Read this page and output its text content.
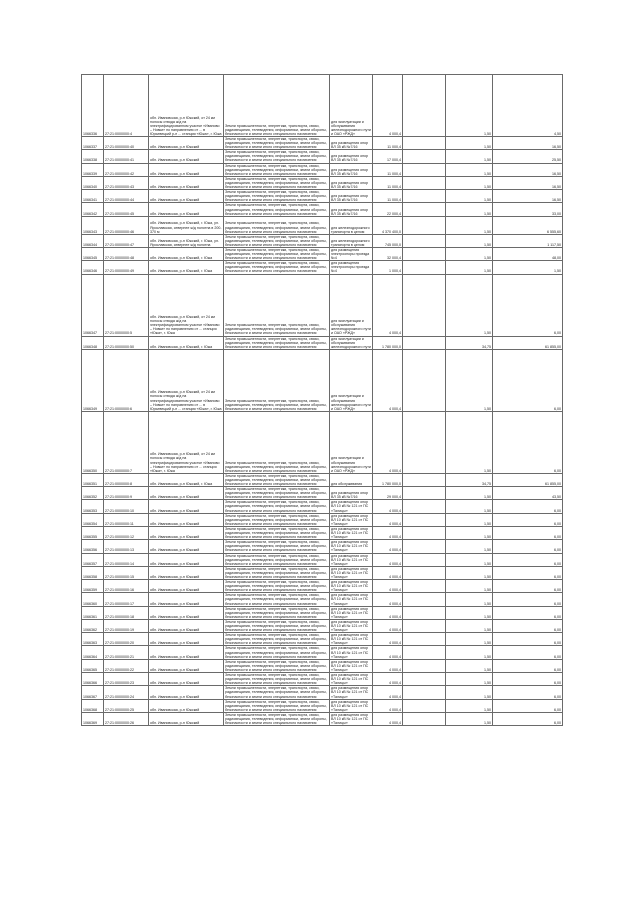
1066336	27:21:0000000:4	обл. Ивановская, р-н Южский, от 24 км полосы отвода ж/д на электрифицированном участке «Иваново – Новки» по направлению от ... в Юрьевецкий р-н ... станция «Южа», г. Южа	Земли промышленности, энергетики, транспорта, связи, радиовещания, телевидения, информатики, земли обороны, безопасности и земли иного специального назначения	для эксплуатации и обслуживания железнодорожного пути и ОАО «РЖД»	4 000,4		1,50	4,50
1066337	27:21:0000000:40	обл. Ивановская, р-н Южский	Земли промышленности, энергетики, транспорта, связи, радиовещания, телевидения, информатики, земли обороны, безопасности и земли иного специального назначения	для размещения опор ВЛ 35 кВ №7/16	11 000,4		1,50	16,50
1066338	27:21:0000000:41	обл. Ивановская, р-н Южский	Земли промышленности, энергетики, транспорта, связи, радиовещания, телевидения, информатики, земли обороны, безопасности и земли иного специального назначения	для размещения опор ВЛ 35 кВ №7/16	17 000,4		1,50	25,50
1066339	27:21:0000000:42	обл. Ивановская, р-н Южский	Земли промышленности, энергетики, транспорта, связи, радиовещания, телевидения, информатики, земли обороны, безопасности и земли иного специального назначения	для размещения опор ВЛ 35 кВ №7/16	11 000,4		1,50	16,50
1066340	27:21:0000000:43	обл. Ивановская, р-н Южский	Земли промышленности, энергетики, транспорта, связи, радиовещания, телевидения, информатики, земли обороны, безопасности и земли иного специального назначения	для размещения опор ВЛ 35 кВ №7/16	11 000,4		1,50	16,50
1066341	27:21:0000000:44	обл. Ивановская, р-н Южский	Земли промышленности, энергетики, транспорта, связи, радиовещания, телевидения, информатики, земли обороны, безопасности и земли иного специального назначения	для размещения опор ВЛ 35 кВ №7/16	11 000,4		1,50	16,50
1066342	27:21:0000000:45	обл. Ивановская, р-н Южский	Земли промышленности, энергетики, транспорта, связи, радиовещания, телевидения, информатики, земли обороны, безопасности и земли иного специального назначения	для размещения опор ВЛ 35 кВ №7/16	22 000,4		1,50	33,00
1066343	27:21:0000000:46	обл. Ивановская, р-н Южский, г. Южа, ул. Ярославская, севернее ж/д полотна в 200-370 м	Земли промышленности, энергетики, транспорта, связи, радиовещания, телевидения, информатики, земли обороны, безопасности и земли иного специального назначения	для железнодорожного транспорта в целом	4 370 400,0		1,50	6 555,60
1066344	27:21:0000000:47	обл. Ивановская, р-н Южский, г. Южа, ул. Ярославская, севернее ж/д полотна	Земли промышленности, энергетики, транспорта, связи, радиовещания, телевидения, информатики, земли обороны, безопасности и земли иного специального назначения	для железнодорожного транспорта в целом	745 000,0		1,50	1 117,50
1066345	27:21:0000000:48	обл. Ивановская, р-н Южский, г. Южа	Земли промышленности, энергетики, транспорта, связи, радиовещания, телевидения, информатики, земли обороны, безопасности и земли иного специального назначения	для размещения электроопоры проезда №4	32 000,4		1,50	48,00
1066346	27:21:0000000:49	обл. Ивановская, р-н Южский, г. Южа	Земли промышленности, энергетики, транспорта, связи, радиовещания, телевидения, информатики, земли обороны, безопасности и земли иного специального назначения	для размещения электроопоры проезда №4	1 000,4		1,50	1,50
1066347	27:21:0000000:5	обл. Ивановская, р-н Южский, от 24 км полосы отвода ж/д на электрифицированном участке «Иваново – Новки» по направлению от ... станция «Южа», г. Южа	Земли промышленности, энергетики, транспорта, связи, радиовещания, телевидения, информатики, земли обороны, безопасности и земли иного специального назначения	для эксплуатации и обслуживания железнодорожного пути и ОАО «РЖД»	4 000,4		1,50	6,00
1066348	27:21:0000000:50	обл. Ивановская, р-н Южский, г. Южа	Земли промышленности, энергетики, транспорта, связи, радиовещания, телевидения, информатики, земли обороны, безопасности и земли иного специального назначения	для эксплуатации и обслуживания железнодорожного пути	1 780 000,0		34,75	61 855,00
1066349	27:21:0000000:6	обл. Ивановская, р-н Южский, от 24 км полосы отвода ж/д на электрифицированном участке «Иваново – Новки» по направлению от ... в Юрьевецкий р-н ... станция «Южа», г. Южа	Земли промышленности, энергетики, транспорта, связи, радиовещания, телевидения, информатики, земли обороны, безопасности и земли иного специального назначения	для эксплуатации и обслуживания железнодорожного пути и ОАО «РЖД»	4 000,4		1,50	6,00
1066350	27:21:0000000:7	обл. Ивановская, р-н Южский, от 24 км полосы отвода ж/д на электрифицированном участке «Иваново – Новки» по направлению от ... станция «Южа», г. Южа	Земли промышленности, энергетики, транспорта, связи, радиовещания, телевидения, информатики, земли обороны, безопасности и земли иного специального назначения	для эксплуатации и обслуживания железнодорожного пути и ОАО «РЖД»	4 000,4		1,50	6,00
1066351	27:21:0000000:8	обл. Ивановская, р-н Южский, г. Южа	Земли промышленности, энергетики, транспорта, связи, радиовещания, телевидения, информатики, земли обороны, безопасности и земли иного специального назначения	для обслуживания	1 780 000,0		34,75	61 855,00
1066352	27:21:0000000:9	обл. Ивановская, р-н Южский	Земли промышленности, энергетики, транспорта, связи, радиовещания, телевидения, информатики, земли обороны, безопасности и земли иного специального назначения	для размещения опор ВЛ 35 кВ №7/16	29 000,4		1,50	43,50
1066353	27:21:0000000:10	обл. Ивановская, р-н Южский	Земли промышленности, энергетики, транспорта, связи, радиовещания, телевидения, информатики, земли обороны, безопасности и земли иного специального назначения	для размещения опор ВЛ 10 кВ № 121 от ПС «Талицы»	4 000,4		1,50	6,00
1066354	27:21:0000000:11	обл. Ивановская, р-н Южский	Земли промышленности, энергетики, транспорта, связи, радиовещания, телевидения, информатики, земли обороны, безопасности и земли иного специального назначения	для размещения опор ВЛ 10 кВ № 121 от ПС «Талицы»	4 000,4		1,50	6,00
1066355	27:21:0000000:12	обл. Ивановская, р-н Южский	Земли промышленности, энергетики, транспорта, связи, радиовещания, телевидения, информатики, земли обороны, безопасности и земли иного специального назначения	для размещения опор ВЛ 10 кВ № 121 от ПС «Талицы»	4 000,4		1,50	6,00
1066356	27:21:0000000:13	обл. Ивановская, р-н Южский	Земли промышленности, энергетики, транспорта, связи, радиовещания, телевидения, информатики, земли обороны, безопасности и земли иного специального назначения	для размещения опор ВЛ 10 кВ № 121 от ПС «Талицы»	4 000,4		1,50	6,00
1066357	27:21:0000000:14	обл. Ивановская, р-н Южский	Земли промышленности, энергетики, транспорта, связи, радиовещания, телевидения, информатики, земли обороны, безопасности и земли иного специального назначения	для размещения опор ВЛ 10 кВ № 121 от ПС «Талицы»	4 000,4		1,50	6,00
1066358	27:21:0000000:15	обл. Ивановская, р-н Южский	Земли промышленности, энергетики, транспорта, связи, радиовещания, телевидения, информатики, земли обороны, безопасности и земли иного специального назначения	для размещения опор ВЛ 10 кВ № 121 от ПС «Талицы»	4 000,4		1,50	6,00
1066359	27:21:0000000:16	обл. Ивановская, р-н Южский	Земли промышленности, энергетики, транспорта, связи, радиовещания, телевидения, информатики, земли обороны, безопасности и земли иного специального назначения	для размещения опор ВЛ 10 кВ № 121 от ПС «Талицы»	4 000,4		1,50	6,00
1066360	27:21:0000000:17	обл. Ивановская, р-н Южский	Земли промышленности, энергетики, транспорта, связи, радиовещания, телевидения, информатики, земли обороны, безопасности и земли иного специального назначения	для размещения опор ВЛ 10 кВ № 121 от ПС «Талицы»	4 000,4		1,50	6,00
1066361	27:21:0000000:18	обл. Ивановская, р-н Южский	Земли промышленности, энергетики, транспорта, связи, радиовещания, телевидения, информатики, земли обороны, безопасности и земли иного специального назначения	для размещения опор ВЛ 10 кВ № 121 от ПС «Талицы»	4 000,4		1,50	6,00
1066362	27:21:0000000:19	обл. Ивановская, р-н Южский	Земли промышленности, энергетики, транспорта, связи, радиовещания, телевидения, информатики, земли обороны, безопасности и земли иного специального назначения	для размещения опор ВЛ 10 кВ № 121 от ПС «Талицы»	4 000,4		1,50	6,00
1066363	27:21:0000000:20	обл. Ивановская, р-н Южский	Земли промышленности, энергетики, транспорта, связи, радиовещания, телевидения, информатики, земли обороны, безопасности и земли иного специального назначения	для размещения опор ВЛ 10 кВ № 121 от ПС «Талицы»	4 000,4		1,50	6,00
1066364	27:21:0000000:21	обл. Ивановская, р-н Южский	Земли промышленности, энергетики, транспорта, связи, радиовещания, телевидения, информатики, земли обороны, безопасности и земли иного специального назначения	для размещения опор ВЛ 10 кВ № 121 от ПС «Талицы»	4 000,4		1,50	6,00
1066365	27:21:0000000:22	обл. Ивановская, р-н Южский	Земли промышленности, энергетики, транспорта, связи, радиовещания, телевидения, информатики, земли обороны, безопасности и земли иного специального назначения	для размещения опор ВЛ 10 кВ № 121 от ПС «Талицы»	4 000,4		1,50	6,00
1066366	27:21:0000000:23	обл. Ивановская, р-н Южский	Земли промышленности, энергетики, транспорта, связи, радиовещания, телевидения, информатики, земли обороны, безопасности и земли иного специального назначения	для размещения опор ВЛ 10 кВ № 121 от ПС «Талицы»	4 000,4		1,50	6,00
1066367	27:21:0000000:24	обл. Ивановская, р-н Южский	Земли промышленности, энергетики, транспорта, связи, радиовещания, телевидения, информатики, земли обороны, безопасности и земли иного специального назначения	для размещения опор ВЛ 10 кВ № 121 от ПС «Талицы»	4 000,4		1,50	6,00
1066368	27:21:0000000:25	обл. Ивановская, р-н Южский	Земли промышленности, энергетики, транспорта, связи, радиовещания, телевидения, информатики, земли обороны, безопасности и земли иного специального назначения	для размещения опор ВЛ 10 кВ № 121 от ПС «Талицы»	4 000,4		1,50	6,00
1066369	27:21:0000000:26	обл. Ивановская, р-н Южский	Земли промышленности, энергетики, транспорта, связи, радиовещания, телевидения, информатики, земли обороны, безопасности и земли иного специального назначения	для размещения опор ВЛ 10 кВ № 121 от ПС «Талицы»	4 000,4		1,50	6,00
